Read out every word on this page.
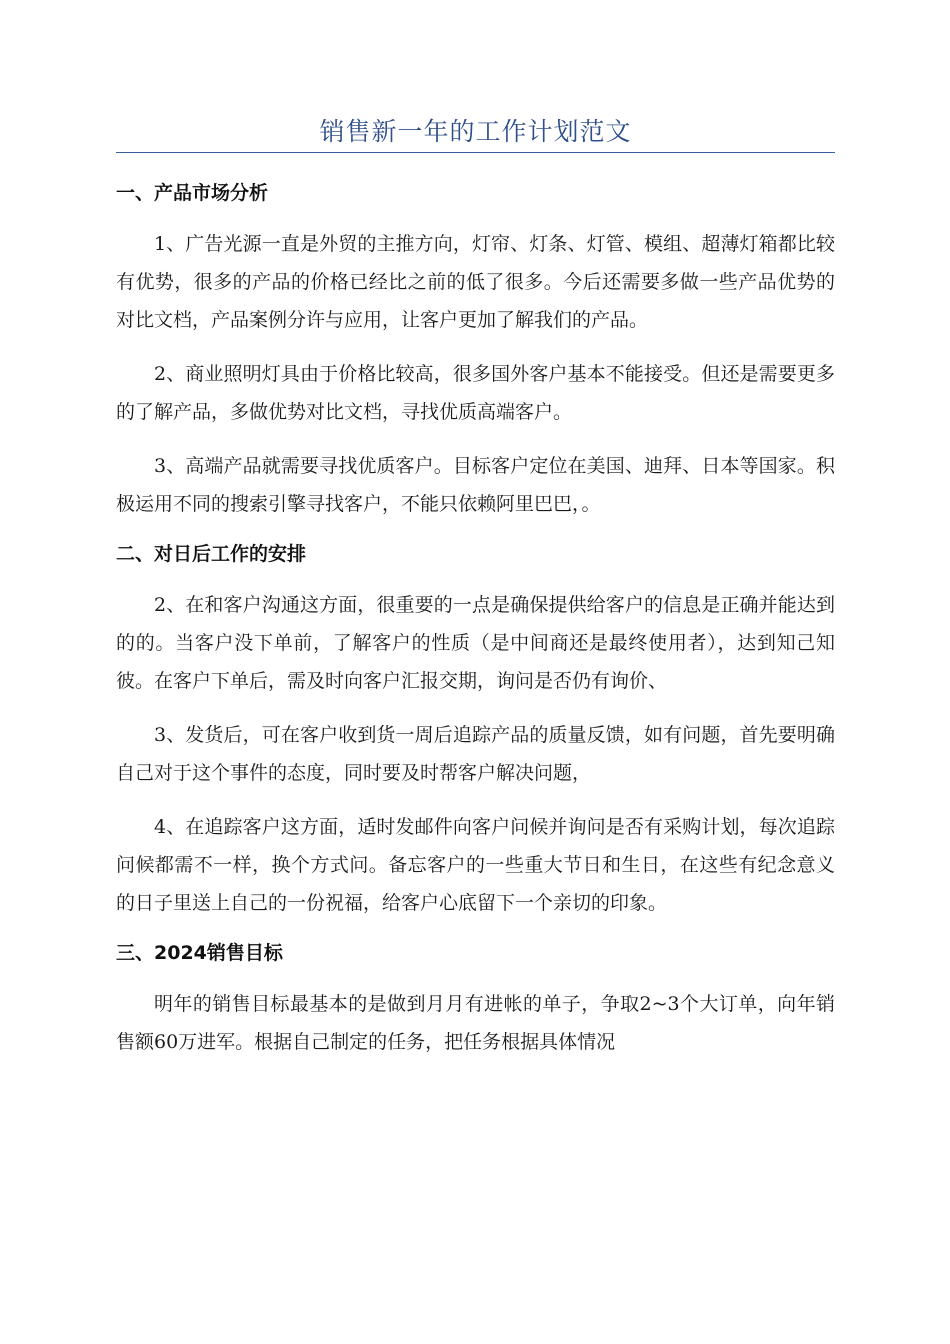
销售新一年的工作计划范文
一、产品市场分析
1、广告光源一直是外贸的主推方向，灯帘、灯条、灯管、模组、超薄灯箱都比较有优势，很多的产品的价格已经比之前的低了很多。今后还需要多做一些产品优势的对比文档，产品案例分许与应用，让客户更加了解我们的产品。
2、商业照明灯具由于价格比较高，很多国外客户基本不能接受。但还是需要更多的了解产品，多做优势对比文档，寻找优质高端客户。
3、高端产品就需要寻找优质客户。目标客户定位在美国、迪拜、日本等国家。积极运用不同的搜索引擎寻找客户，不能只依赖阿里巴巴，。
二、对日后工作的安排
2、在和客户沟通这方面，很重要的一点是确保提供给客户的信息是正确并能达到的的。当客户没下单前，了解客户的性质（是中间商还是最终使用者），达到知己知彼。在客户下单后，需及时向客户汇报交期，询问是否仍有询价、
3、发货后，可在客户收到货一周后追踪产品的质量反馈，如有问题，首先要明确自己对于这个事件的态度，同时要及时帮客户解决问题，
4、在追踪客户这方面，适时发邮件向客户问候并询问是否有采购计划，每次追踪问候都需不一样，换个方式问。备忘客户的一些重大节日和生日，在这些有纪念意义的日子里送上自己的一份祝福，给客户心底留下一个亲切的印象。
三、2024销售目标
明年的销售目标最基本的是做到月月有进帐的单子，争取2~3个大订单，向年销售额60万进军。根据自己制定的任务，把任务根据具体情况
